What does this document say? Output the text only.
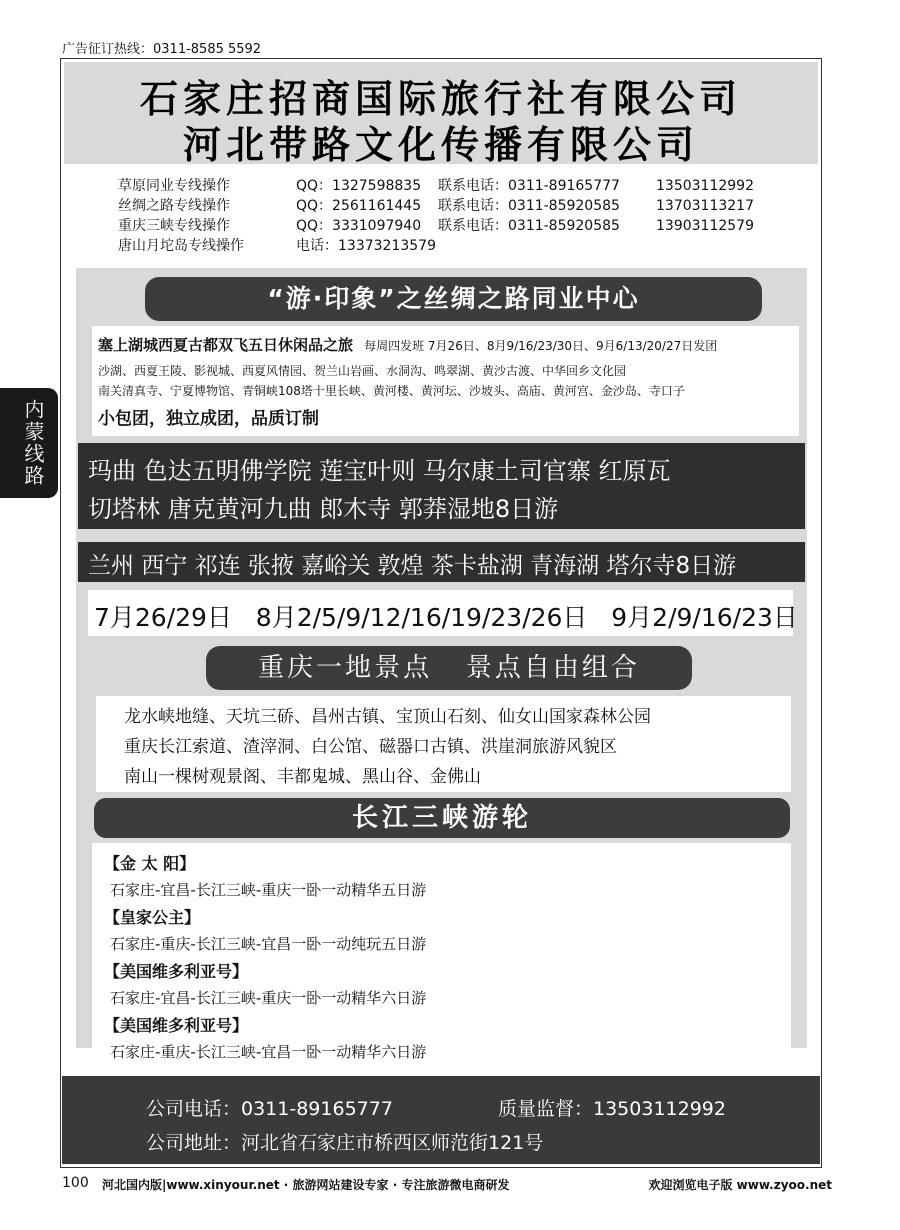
广告征订热线：0311-8585 5592
石家庄招商国际旅行社有限公司
河北带路文化传播有限公司
草原同业专线操作	QQ：1327598835 联系电话：0311-89165777	13503112992
丝绸之路专线操作	QQ：2561161445 联系电话：0311-85920585	13703113217
重庆三峡专线操作	QQ：3331097940 联系电话：0311-85920585	13903112579
唐山月坨岛专线操作	电话：13373213579
“游·印象”之丝绸之路同业中心
塞上湖城西夏古都双飞五日休闲品之旅 每周四发班 7月26日、8月9/16/23/30日、9月6/13/20/27日发团
沙湖、西夏王陵、影视城、西夏风情园、贺兰山岩画、水洞沟、鸣翠湖、黄沙古渡、中华回乡文化园
南关清真寺、宁夏博物馆、青铜峡108塔十里长峡、黄河楼、黄河坛、沙坡头、高庙、黄河宫、金沙岛、寺口子
小包团，独立成团，品质订制
内蒙线路	玛曲 色达五明佛学院 莲宝叶则 马尔康土司官寨 红原瓦
切塔林 唐克黄河九曲 郎木寺 郭莽湿地8日游
兰州 西宁 祁连 张掖 嘉峪关 敦煌 茶卡盐湖 青海湖 塔尔寺8日游
7月26/29日   8月2/5/9/12/16/19/23/26日   9月2/9/16/23日
重庆一地景点   景点自由组合
龙水峡地缝、天坑三硚、昌州古镇、宝顶山石刻、仙女山国家森林公园
重庆长江索道、渣滓洞、白公馆、磁器口古镇、洪崖洞旅游风貌区
南山一棵树观景阁、丰都鬼城、黑山谷、金佛山
长江三峡游轮
【金 太 阳】
石家庄-宜昌-长江三峡-重庆一卧一动精华五日游
【皇家公主】
石家庄-重庆-长江三峡-宜昌一卧一动纯玩五日游
【美国维多利亚号】
石家庄-宜昌-长江三峡-重庆一卧一动精华六日游
【美国维多利亚号】
石家庄-重庆-长江三峡-宜昌一卧一动精华六日游
公司电话：0311-89165777	质量监督：13503112992
公司地址：河北省石家庄市桥西区师范街121号
100 河北国内版|www.xinyour.net · 旅游网站建设专家 · 专注旅游微电商研发	欢迎浏览电子版 www.zyoo.net
